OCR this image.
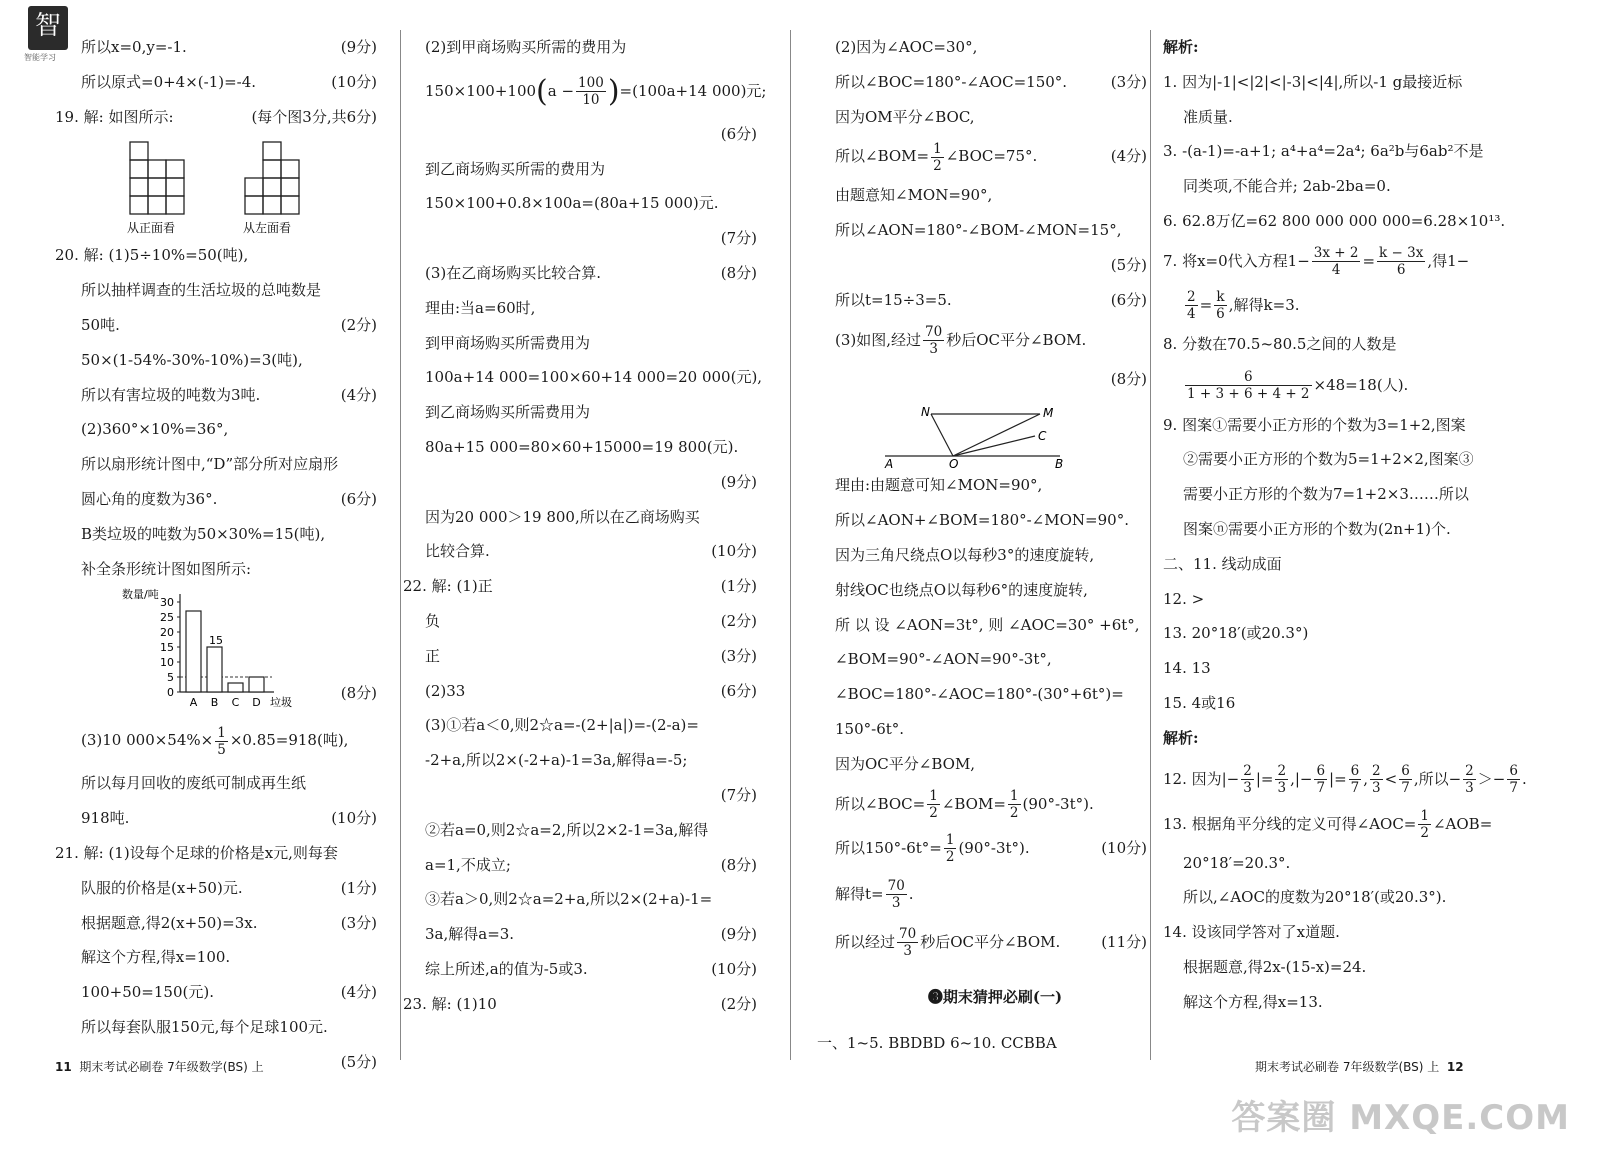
智
智能学习
所以x=0,y=-1.	(9分)
所以原式=0+4×(-1)=-4.	(10分)
19. 解: 如图所示:	(每个图3分,共6分)
从正面看	从左面看
20. 解: (1)5÷10%=50(吨),
所以抽样调查的生活垃圾的总吨数是
50吨.	(2分)
50×(1-54%-30%-10%)=3(吨),
所以有害垃圾的吨数为3吨.	(4分)
(2)360°×10%=36°,
所以扇形统计图中,“D”部分所对应扇形
圆心角的度数为36°.	(6分)
B类垃圾的吨数为50×30%=15(吨),
补全条形统计图如图所示:
数量/吨
0
5
10
15
20
25
30
A B
15
C D 垃圾
(8分)
(3)10 $000\times 54\%\times \frac{1}{5} \times 0.85=918$(吨),
所以每月回收的废纸可制成再生纸
918吨.	(10分)
21. 解: (1)设每个足球的价格是x元,则每套
队服的价格是(x+50)元.	(1分)
根据题意,得2(x+50)=3x.	(3分)
解这个方程,得x=100.
100+50=150(元).	(4分)
所以每套队服150元,每个足球100元.
(5分)
(2)到甲商场购买所需的费用为
$150\times 100+100(a - \frac{100}{10} )=(100a+14$ 000)元;
(6分)
到乙商场购买所需的费用为
150×100+0.8×100a=(80a+15 000)元.
(7分)
(3)在乙商场购买比较合算.	(8分)
理由:当a=60时,
到甲商场购买所需费用为
100a+14 000=100×60+14 000=20 000(元),
到乙商场购买所需费用为
80a+15 000=80×60+15000=19 800(元).
(9分)
因为20 000＞19 800,所以在乙商场购买
比较合算.	(10分)
22. 解: (1)正	(1分)
负	(2分)
正	(3分)
(2)33	(6分)
(3)①若a＜0,则2☆a=-(2+|a|)=-(2-a)=
-2+a,所以2×(-2+a)-1=3a,解得a=-5;
(7分)
②若a=0,则2☆a=2,所以2×2-1=3a,解得
a=1,不成立;	(8分)
③若a＞0,则2☆a=2+a,所以2×(2+a)-1=
3a,解得a=3.	(9分)
综上所述,a的值为-5或3.	(10分)
23. 解: (1)10	(2分)
(2)因为∠AOC=30°,
所以∠BOC=180°-∠AOC=150°.	(3分)
因为OM平分∠BOC,
所以∠BOM= $\frac{1}{2}$ ∠BOC=75°.	(4分)
由题意知∠MON=90°,
所以∠AON=180°-∠BOM-∠MON=15°,
(5分)
所以t=15÷3=5.	(6分)
(3)如图,经过 $\frac{70}{3}$ 秒后OC平分∠BOM.
(8分)
N	M
C
A	O	B
理由:由题意可知∠MON=90°,
所以∠AON+∠BOM=180°-∠MON=90°.
因为三角尺绕点O以每秒3°的速度旋转,
射线OC也绕点O以每秒6°的速度旋转,
所 以 设 ∠AON=3t°, 则 ∠AOC=30° +6t°,
∠BOM=90°-∠AON=90°-3t°,
∠BOC=180°-∠AOC=180°-(30°+6t°)=
150°-6t°.
因为OC平分∠BOM,
所以∠BOC= $\frac{1}{2}$ ∠BOM= $\frac{1}{2} (90^\circ-3t^\circ)$.
所以$150^\circ-6t^\circ= \frac{1}{2} (90^\circ-3t^\circ)$.	(10分)
解得$t= \frac{70}{3}$ .
所以经过 $\frac{70}{3}$ 秒后OC平分∠BOM.	(11分)
❸期末猜押必刷(一)
一、1~5. BBDBD 6~10. CCBBA
解析:
1. 因为|-1|<|2|<|-3|<|4|,所以-1 g最接近标
准质量.
3. -(a-1)=-a+1; a⁴+a⁴=2a⁴; 6a²b与6ab²不是
同类项,不能合并; 2ab-2ba=0.
6. 62.8万亿=62 800 000 000 000=6.28×10¹³.
7. 将x=0代入方程$1- \frac{3x + 2}{4} = \frac{k - 3x}{6}$ ,得1−
$\frac{2}{4} = \frac{k}{6}$ ,解得k=3.
8. 分数在70.5~80.5之间的人数是
$\frac{6}{1 + 3 + 6 + 4 + 2} \times 48=18$(人).
9. 图案①需要小正方形的个数为3=1+2,图案
②需要小正方形的个数为5=1+2×2,图案③
需要小正方形的个数为7=1+2×3……所以
图案ⓝ需要小正方形的个数为(2n+1)个.
二、11. 线动成面
12. >
13. 20°18′(或20.3°)
14. 13
15. 4或16
解析:
12. 因为|− $\frac{2}{3}$ |= $\frac{2}{3}$ ,|− $\frac{6}{7}$ |= $\frac{6}{7}$ , $\frac{2}{3} < \frac{6}{7}$ ,所以− $\frac{2}{3} >- \frac{6}{7}$ .
13. 根据角平分线的定义可得∠AOC= $\frac{1}{2}$ ∠AOB=
20°18′=20.3°.
所以,∠AOC的度数为20°18′(或20.3°).
14. 设该同学答对了x道题.
根据题意,得2x-(15-x)=24.
解这个方程,得x=13.
11 期末考试必刷卷 7年级数学(BS) 上	期末考试必刷卷 7年级数学(BS) 上 12
答案圈 MXQE.COM
